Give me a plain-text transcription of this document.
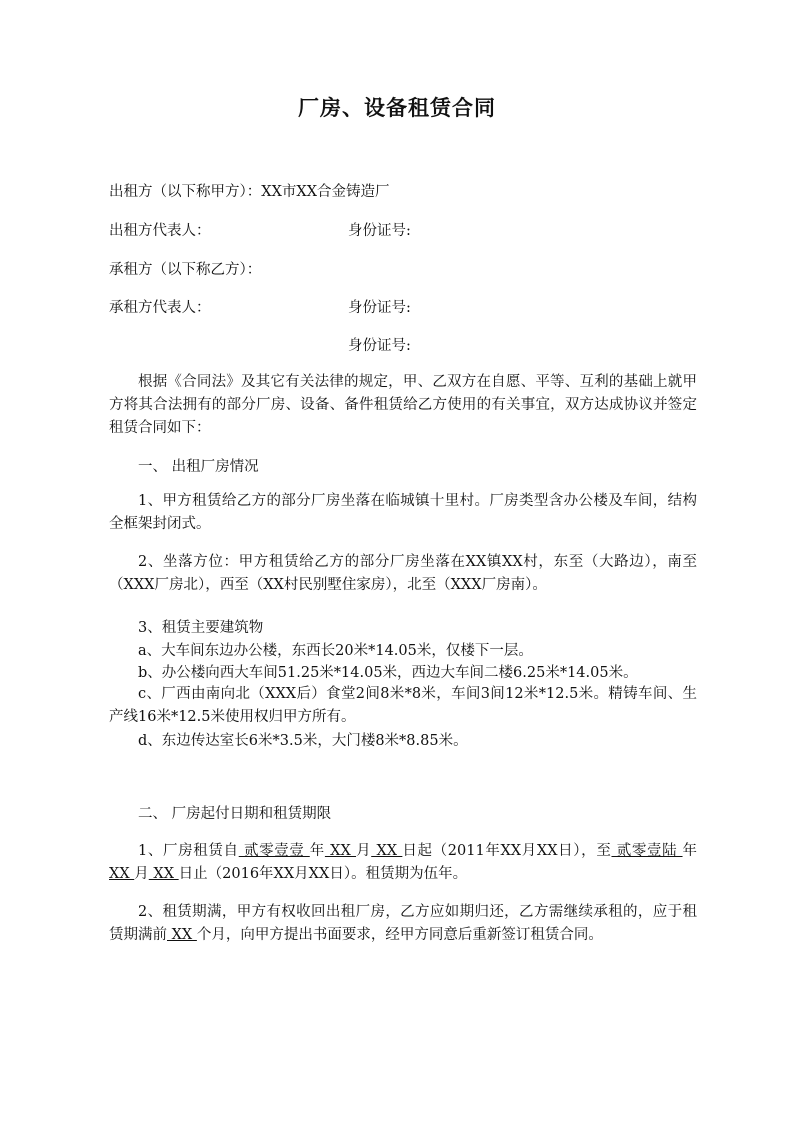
厂房、设备租赁合同
出租方（以下称甲方）：XX市XX合金铸造厂
出租方代表人：	身份证号:
承租方（以下称乙方）：
承租方代表人：	身份证号:
身份证号:
根据《合同法》及其它有关法律的规定，甲、乙双方在自愿、平等、互利的基础上就甲方将其合法拥有的部分厂房、设备、备件租赁给乙方使用的有关事宜，双方达成协议并签定租赁合同如下：
一、 出租厂房情况
1、甲方租赁给乙方的部分厂房坐落在临城镇十里村。厂房类型含办公楼及车间，结构全框架封闭式。
2、坐落方位：甲方租赁给乙方的部分厂房坐落在XX镇XX村，东至（大路边），南至（XXX厂房北），西至（XX村民别墅住家房），北至（XXX厂房南）。
3、租赁主要建筑物
a、大车间东边办公楼，东西长20米*14.05米，仅楼下一层。
b、办公楼向西大车间51.25米*14.05米，西边大车间二楼6.25米*14.05米。
c、厂西由南向北（XXX后）食堂2间8米*8米，车间3间12米*12.5米。精铸车间、生产线16米*12.5米使用权归甲方所有。
d、东边传达室长6米*3.5米，大门楼8米*8.85米。
二、 厂房起付日期和租赁期限
1、厂房租赁自 贰零壹壹 年 XX 月 XX 日起（2011年XX月XX日），至 贰零壹陆 年 XX 月 XX 日止（2016年XX月XX日）。租赁期为伍年。
2、租赁期满，甲方有权收回出租厂房，乙方应如期归还，乙方需继续承租的，应于租赁期满前 XX 个月，向甲方提出书面要求，经甲方同意后重新签订租赁合同。
